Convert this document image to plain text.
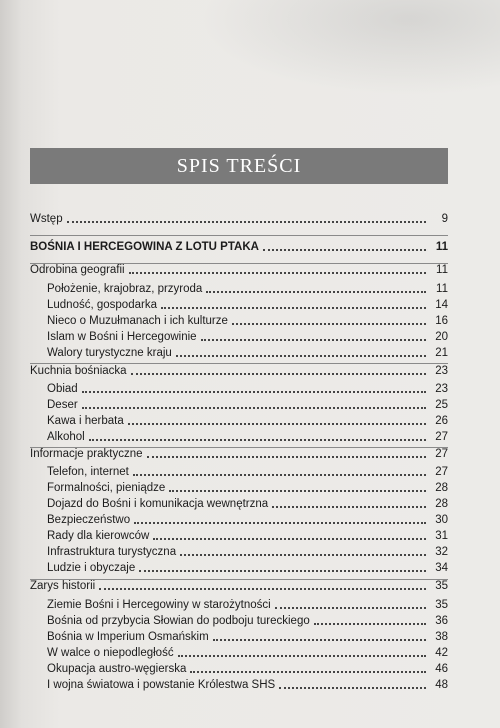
SPIS TREŚCI
Wstęp	9
BOŚNIA I HERCEGOWINA Z LOTU PTAKA	11
Odrobina geografii	11
Położenie, krajobraz, przyroda	11
Ludność, gospodarka	14
Nieco o Muzułmanach i ich kulturze	16
Islam w Bośni i Hercegowinie	20
Walory turystyczne kraju	21
Kuchnia bośniacka	23
Obiad	23
Deser	25
Kawa i herbata	26
Alkohol	27
Informacje praktyczne	27
Telefon, internet	27
Formalności, pieniądze	28
Dojazd do Bośni i komunikacja wewnętrzna	28
Bezpieczeństwo	30
Rady dla kierowców	31
Infrastruktura turystyczna	32
Ludzie i obyczaje	34
Zarys historii	35
Ziemie Bośni i Hercegowiny w starożytności	35
Bośnia od przybycia Słowian do podboju tureckiego	36
Bośnia w Imperium Osmańskim	38
W walce o niepodległość	42
Okupacja austro-węgierska	46
I wojna światowa i powstanie Królestwa SHS	48
